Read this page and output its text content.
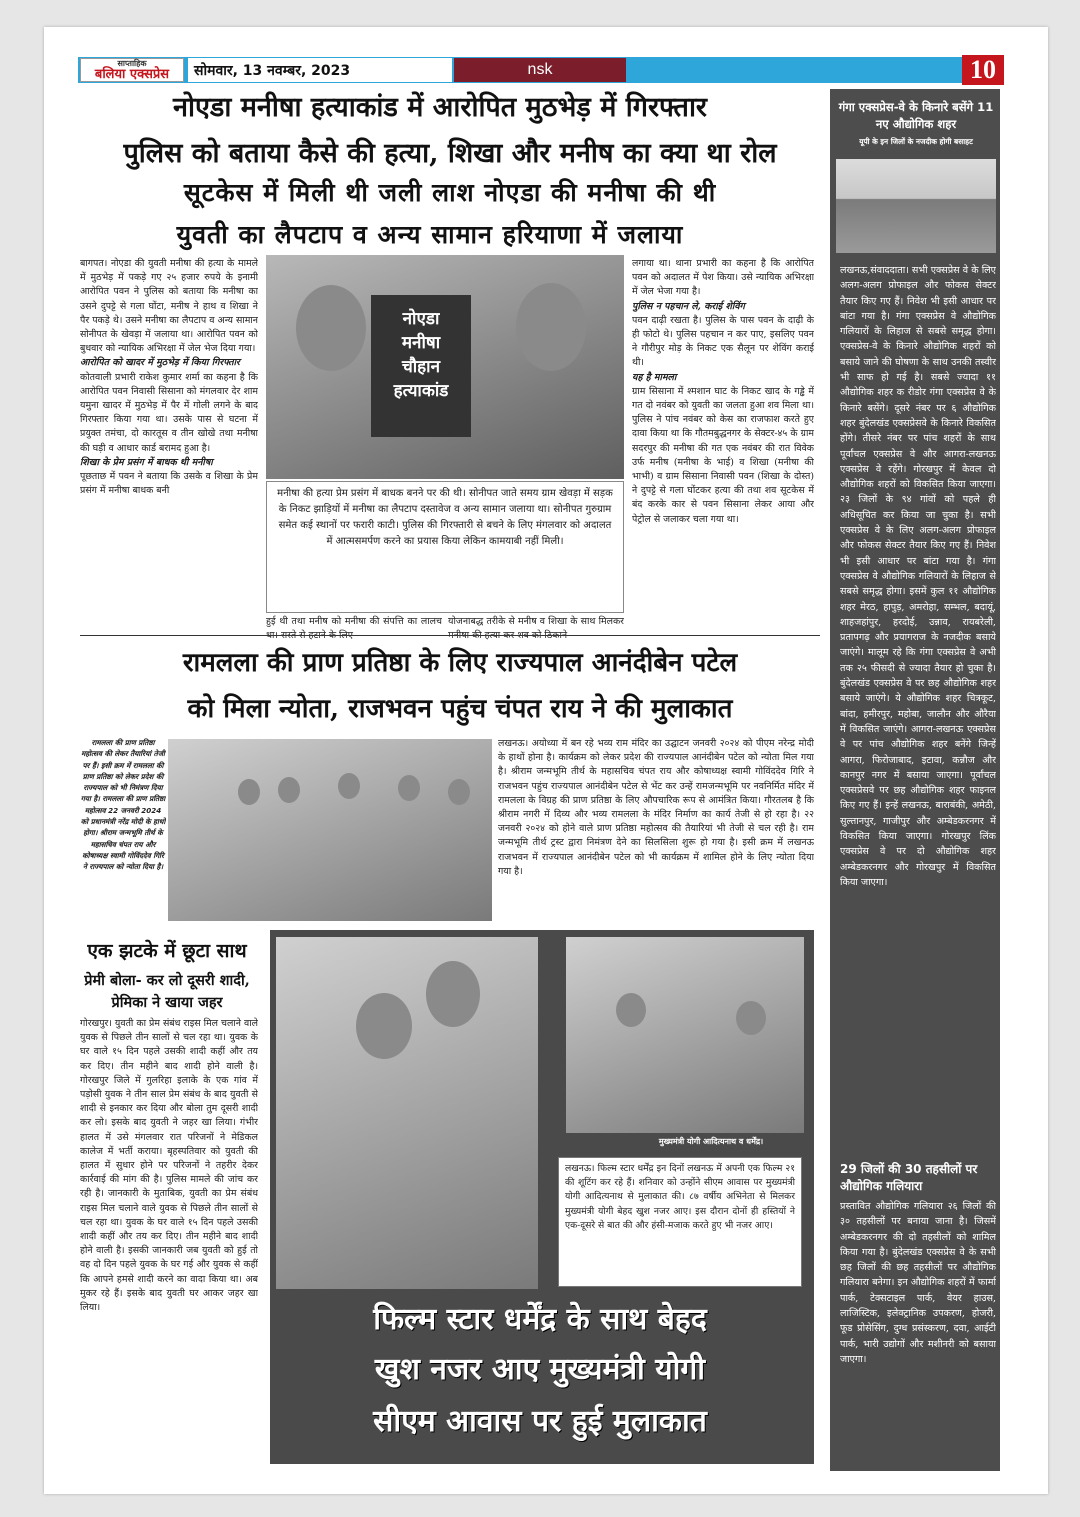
साप्ताहिक
बलिया एक्सप्रेस	सोमवार, 13 नवम्बर, 2023	nsk	10
नोएडा मनीषा हत्याकांड में आरोपित मुठभेड़ में गिरफ्तार
पुलिस को बताया कैसे की हत्या, शिखा और मनीष का क्या था रोल
सूटकेस में मिली थी जली लाश नोएडा की मनीषा की थी
युवती का लैपटाप व अन्य सामान हरियाणा में जलाया
बागपत। नोएडा की युवती मनीषा की हत्या के मामले में मुठभेड़ में पकड़े गए २५ हजार रुपये के इनामी आरोपित पवन ने पुलिस को बताया कि मनीषा का उसने दुपट्टे से गला घोंटा, मनीष ने हाथ व शिखा ने पैर पकड़े थे। उसने मनीषा का लैपटाप व अन्य सामान सोनीपत के खेवड़ा में जलाया था। आरोपित पवन को बुधवार को न्यायिक अभिरक्षा में जेल भेज दिया गया।
आरोपित को खादर में मुठभेड़ में किया गिरफ्तार
कोतवाली प्रभारी राकेश कुमार शर्मा का कहना है कि आरोपित पवन निवासी सिसाना को मंगलवार देर शाम यमुना खादर में मुठभेड़ में पैर में गोली लगने के बाद गिरफ्तार किया गया था। उसके पास से घटना में प्रयुक्त तमंचा, दो कारतूस व तीन खोखे तथा मनीषा की घड़ी व आधार कार्ड बरामद हुआ है।
शिखा के प्रेम प्रसंग में बाधक थी मनीषा
पूछताछ में पवन ने बताया कि उसके व शिखा के प्रेम प्रसंग में मनीषा बाधक बनी
नोएडा
मनीषा
चौहान
हत्याकांड
मनीषा की हत्या प्रेम प्रसंग में बाधक बनने पर की थी। सोनीपत जाते समय ग्राम खेवड़ा में सड़क के निकट झाड़ियों में मनीषा का लैपटाप दस्तावेज व अन्य सामान जलाया था। सोनीपत गुरुग्राम समेत कई स्थानों पर फरारी काटी। पुलिस की गिरफ्तारी से बचने के लिए मंगलवार को अदालत में आत्मसमर्पण करने का प्रयास किया लेकिन कामयाबी नहीं मिली।
हुई थी तथा मनीष को मनीषा की संपत्ति का लालच योजनाबद्ध तरीके से मनीष व शिखा के साथ मिलकर
लगाया था। थाना प्रभारी का कहना है कि आरोपित पवन को अदालत में पेश किया। उसे न्यायिक अभिरक्षा में जेल भेजा गया है।
पुलिस न पहचान ले, कराई शेविंग
पवन दाढ़ी रखता है। पुलिस के पास पवन के दाढ़ी के ही फोटो थे। पुलिस पहचान न कर पाए, इसलिए पवन ने गौरीपुर मोड़ के निकट एक सैलून पर शेविंग कराई थी।
यह है मामला
ग्राम सिसाना में श्मशान घाट के निकट खाद के गड्ढे में गत दो नवंबर को युवती का जलता हुआ शव मिला था। पुलिस ने पांच नवंबर को केस का राजफाश करते हुए दावा किया था कि गौतमबुद्धनगर के सेक्टर-४५ के ग्राम सदरपुर की मनीषा की गत एक नवंबर की रात विवेक उर्फ मनीष (मनीषा के भाई) व शिखा (मनीषा की भाभी) व ग्राम सिसाना निवासी पवन (शिखा के दोस्त) ने दुपट्टे से गला घोंटकर हत्या की तथा शव सूटकेस में बंद करके कार से पवन सिसाना लेकर आया और पेट्रोल से जलाकर चला गया था।
रामलला की प्राण प्रतिष्ठा के लिए राज्यपाल आनंदीबेन पटेल
को मिला न्योता, राजभवन पहुंच चंपत राय ने की मुलाकात
रामलला की प्राण प्रतिष्ठा महोत्सव की लेकर तैयारियां तेजी पर हैं। इसी क्रम में रामलला की प्राण प्रतिष्ठा को लेकर प्रदेश की राज्यपाल को भी निमंत्रण दिया गया है। रामलला की प्राण प्रतिष्ठा महोत्सव 22 जनवरी 2024 को प्रधानमंत्री नरेंद्र मोदी के हाथों होगा। श्रीराम जन्मभूमि तीर्थ के महासचिव चंपत राय और कोषाध्यक्ष स्वामी गोविंददेव गिरि ने राज्यपाल को न्योता दिया है।
लखनऊ। अयोध्या में बन रहे भव्य राम मंदिर का उद्घाटन जनवरी २०२४ को पीएम नरेन्द्र मोदी के हाथों होना है। कार्यक्रम को लेकर प्रदेश की राज्यपाल आनंदीबेन पटेल को न्योता मिल गया है। श्रीराम जन्मभूमि तीर्थ के महासचिव चंपत राय और कोषाध्यक्ष स्वामी गोविंददेव गिरि ने राजभवन पहुंच राज्यपाल आनंदीबेन पटेल से भेंट कर उन्हें रामजन्मभूमि पर नवनिर्मित मंदिर में रामलला के विग्रह की प्राण प्रतिष्ठा के लिए औपचारिक रूप से आमंत्रित किया। गौरतलब है कि श्रीराम नगरी में दिव्य और भव्य रामलला के मंदिर निर्माण का कार्य तेजी से हो रहा है। २२ जनवरी २०२४ को होने वाले प्राण प्रतिष्ठा महोत्सव की तैयारियां भी तेजी से चल रही है। राम जन्मभूमि तीर्थ ट्रस्ट द्वारा निमंत्रण देने का सिलसिला शुरू हो गया है। इसी क्रम में लखनऊ राजभवन में राज्यपाल आनंदीबेन पटेल को भी कार्यक्रम में शामिल होने के लिए न्योता दिया गया है।
एक झटके में छूटा साथ
प्रेमी बोला- कर लो दूसरी शादी, प्रेमिका ने खाया जहर
गोरखपुर। युवती का प्रेम संबंध राइस मिल चलाने वाले युवक से पिछले तीन सालों से चल रहा था। युवक के घर वाले १५ दिन पहले उसकी शादी कहीं और तय कर दिए। तीन महीने बाद शादी होने वाली है। गोरखपुर जिले में गुलरिहा इलाके के एक गांव में पड़ोसी युवक ने तीन साल प्रेम संबंध के बाद युवती से शादी से इनकार कर दिया और बोला तुम दूसरी शादी कर लो। इसके बाद युवती ने जहर खा लिया। गंभीर हालत में उसे मंगलवार रात परिजनों ने मेडिकल कालेज में भर्ती कराया। बृहस्पतिवार को युवती की हालत में सुधार होने पर परिजनों ने तहरीर देकर कार्रवाई की मांग की है। पुलिस मामले की जांच कर रही है। जानकारी के मुताबिक, युवती का प्रेम संबंध राइस मिल चलाने वाले युवक से पिछले तीन सालों से चल रहा था। युवक के घर वाले १५ दिन पहले उसकी शादी कहीं और तय कर दिए। तीन महीने बाद शादी होने वाली है। इसकी जानकारी जब युवती को हुई तो वह दो दिन पहले युवक के घर गई और युवक से कहीं कि आपने हमसे शादी करने का वादा किया था। अब मुकर रहे हैं। इसके बाद युवती घर आकर जहर खा लिया।
मुख्यमंत्री योगी आदित्यनाथ व धर्मेंद्र।
लखनऊ। फिल्म स्टार धर्मेंद्र इन दिनों लखनऊ में अपनी एक फिल्म २१ की शूटिंग कर रहे हैं। शनिवार को उन्होंने सीएम आवास पर मुख्यमंत्री योगी आदित्यनाथ से मुलाकात की। ८७ वर्षीय अभिनेता से मिलकर मुख्यमंत्री योगी बेहद खुश नजर आए। इस दौरान दोनों ही हस्तियों ने एक-दूसरे से बात की और हंसी-मजाक करते हुए भी नजर आए।
फिल्म स्टार धर्मेंद्र के साथ बेहद
खुश नजर आए मुख्यमंत्री योगी
सीएम आवास पर हुई मुलाकात
गंगा एक्सप्रेस-वे के किनारे बसेंगे 11 नए औद्योगिक शहर
यूपी के इन जिलों के नजदीक होगी बसाहट
लखनऊ,संवाददाता। सभी एक्सप्रेस वे के लिए अलग-अलग प्रोफाइल और फोकस सेक्टर तैयार किए गए हैं। निवेश भी इसी आधार पर बांटा गया है। गंगा एक्सप्रेस वे औद्योगिक गलियारों के लिहाज से सबसे समृद्ध होगा। एक्सप्रेस-वे के किनारे औद्योगिक शहरों को बसाये जाने की घोषणा के साथ उनकी तस्वीर भी साफ हो गई है। सबसे ज्यादा ११ औद्योगिक शहर क रीडोर गंगा एक्सप्रेस वे के किनारे बसेंगे। दूसरे नंबर पर ६ औद्योगिक शहर बुंदेलखंड एक्सप्रेसवे के किनारे विकसित होंगे। तीसरे नंबर पर पांच शहरों के साथ पूर्वांचल एक्सप्रेस वे और आगरा-लखनऊ एक्सप्रेस वे रहेंगे। गोरखपुर में केवल दो औद्योगिक शहरों को विकसित किया जाएगा। २३ जिलों के ९४ गांवों को पहले ही अधिसूचित कर किया जा चुका है। सभी एक्सप्रेस वे के लिए अलग-अलग प्रोफाइल और फोकस सेक्टर तैयार किए गए हैं। निवेश भी इसी आधार पर बांटा गया है। गंगा एक्सप्रेस वे औद्योगिक गलियारों के लिहाज से सबसे समृद्ध होगा। इसमें कुल ११ औद्योगिक शहर मेरठ, हापुड़, अमरोहा, सम्भल, बदायूं, शाहजहांपुर, हरदोई, उन्नाव, रायबरेली, प्रतापगढ़ और प्रयागराज के नजदीक बसाये जाएंगे। मालूम रहे कि गंगा एक्सप्रेस वे अभी तक २५ फीसदी से ज्यादा तैयार हो चुका है। बुंदेलखंड एक्सप्रेस वे पर छह औद्योगिक शहर बसाये जाएंगे। ये औद्योगिक शहर चित्रकूट, बांदा, हमीरपुर, महोबा, जालौन और औरैया में विकसित जाएंगे। आगरा-लखनऊ एक्सप्रेस वे पर पांच औद्योगिक शहर बनेंगे जिन्हें आगरा, फिरोजाबाद, इटावा, कन्नौज और कानपुर नगर में बसाया जाएगा। पूर्वांचल एक्सप्रेसवे पर छह औद्योगिक शहर फाइनल किए गए हैं। इन्हें लखनऊ, बाराबंकी, अमेठी, सुल्तानपुर, गाजीपुर और अम्बेडकरनगर में विकसित किया जाएगा। गोरखपुर लिंक एक्सप्रेस वे पर दो औद्योगिक शहर अम्बेडकरनगर और गोरखपुर में विकसित किया जाएगा।
29 जिलों की 30 तहसीलों पर औद्योगिक गलियारा
प्रस्तावित औद्योगिक गलियारा २६ जिलों की ३० तहसीलों पर बनाया जाना है। जिसमें अम्बेडकरनगर की दो तहसीलों को शामिल किया गया है। बुंदेलखंड एक्सप्रेस वे के सभी छह जिलों की छह तहसीलों पर औद्योगिक गलियारा बनेगा। इन औद्योगिक शहरों में फार्मा पार्क, टेक्सटाइल पार्क, वेयर हाउस, लाजिस्टिक, इलेक्ट्रानिक उपकरण, होजरी, फूड प्रोसेसिंग, दुग्ध प्रसंस्करण, दवा, आईटी पार्क, भारी उद्योगों और मशीनरी को बसाया जाएगा।
